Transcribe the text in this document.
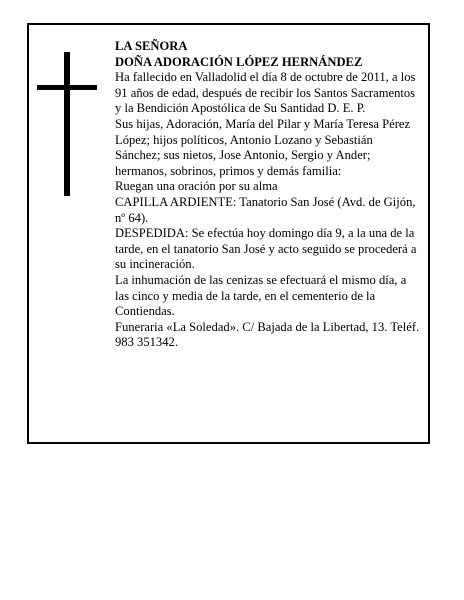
LA SEÑORA

DOÑA ADORACIÓN LÓPEZ HERNÁNDEZ

Ha fallecido en Valladolid el día 8 de octubre de 2011, a los 91 años de edad, después de recibir los Santos Sacramentos y la Bendición Apostólica de Su Santidad D. E. P.

Sus hijas, Adoración, María del Pilar y María Teresa Pérez López; hijos políticos, Antonio Lozano y Sebastián Sánchez; sus nietos, Jose Antonio, Sergio y Ander; hermanos, sobrinos, primos y demás familia:

Ruegan una oración por su alma

CAPILLA ARDIENTE: Tanatorio San José (Avd. de Gijón, nº 64).

DESPEDIDA: Se efectúa hoy domingo día 9, a la una de la tarde, en el tanatorio San José y acto seguido se procederá a su incineración.

La inhumación de las cenizas se efectuará el mismo día, a las cinco y media de la tarde, en el cementerio de la Contiendas.

Funeraria «La Soledad». C/ Bajada de la Libertad, 13. Teléf. 983 351342.
